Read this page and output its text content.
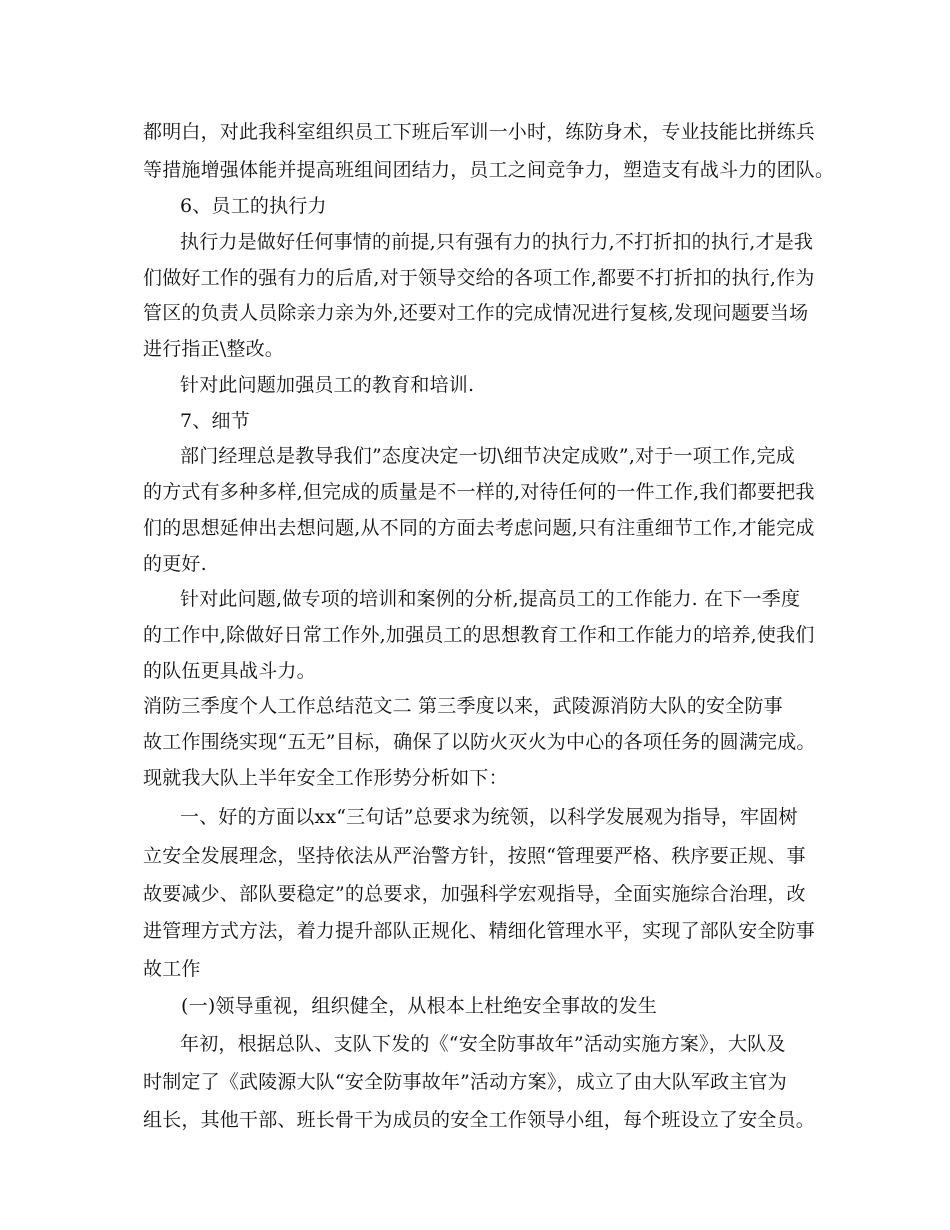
都明白，对此我科室组织员工下班后军训一小时，练防身术，专业技能比拼练兵

等措施增强体能并提高班组间团结力，员工之间竞争力，塑造支有战斗力的团队。

6、员工的执行力

执行力是做好任何事情的前提,只有强有力的执行力,不打折扣的执行,才是我

们做好工作的强有力的后盾,对于领导交给的各项工作,都要不打折扣的执行,作为

管区的负责人员除亲力亲为外,还要对工作的完成情况进行复核,发现问题要当场

进行指正\整改。

针对此问题加强员工的教育和培训.

7、细节

部门经理总是教导我们”态度决定一切\细节决定成败”,对于一项工作,完成

的方式有多种多样,但完成的质量是不一样的,对待任何的一件工作,我们都要把我

们的思想延伸出去想问题,从不同的方面去考虑问题,只有注重细节工作,才能完成

的更好.

针对此问题,做专项的培训和案例的分析,提高员工的工作能力. 在下一季度

的工作中,除做好日常工作外,加强员工的思想教育工作和工作能力的培养,使我们

的队伍更具战斗力。

消防三季度个人工作总结范文二 第三季度以来，武陵源消防大队的安全防事

故工作围绕实现“五无”目标，确保了以防火灭火为中心的各项任务的圆满完成。

现就我大队上半年安全工作形势分析如下：

一、好的方面以xx“三句话”总要求为统领，以科学发展观为指导，牢固树

立安全发展理念，坚持依法从严治警方针，按照“管理要严格、秩序要正规、事

故要减少、部队要稳定”的总要求，加强科学宏观指导，全面实施综合治理，改

进管理方式方法，着力提升部队正规化、精细化管理水平，实现了部队安全防事

故工作

(一)领导重视，组织健全，从根本上杜绝安全事故的发生

年初，根据总队、支队下发的《“安全防事故年”活动实施方案》，大队及

时制定了《武陵源大队“安全防事故年”活动方案》，成立了由大队军政主官为

组长，其他干部、班长骨干为成员的安全工作领导小组，每个班设立了安全员。
